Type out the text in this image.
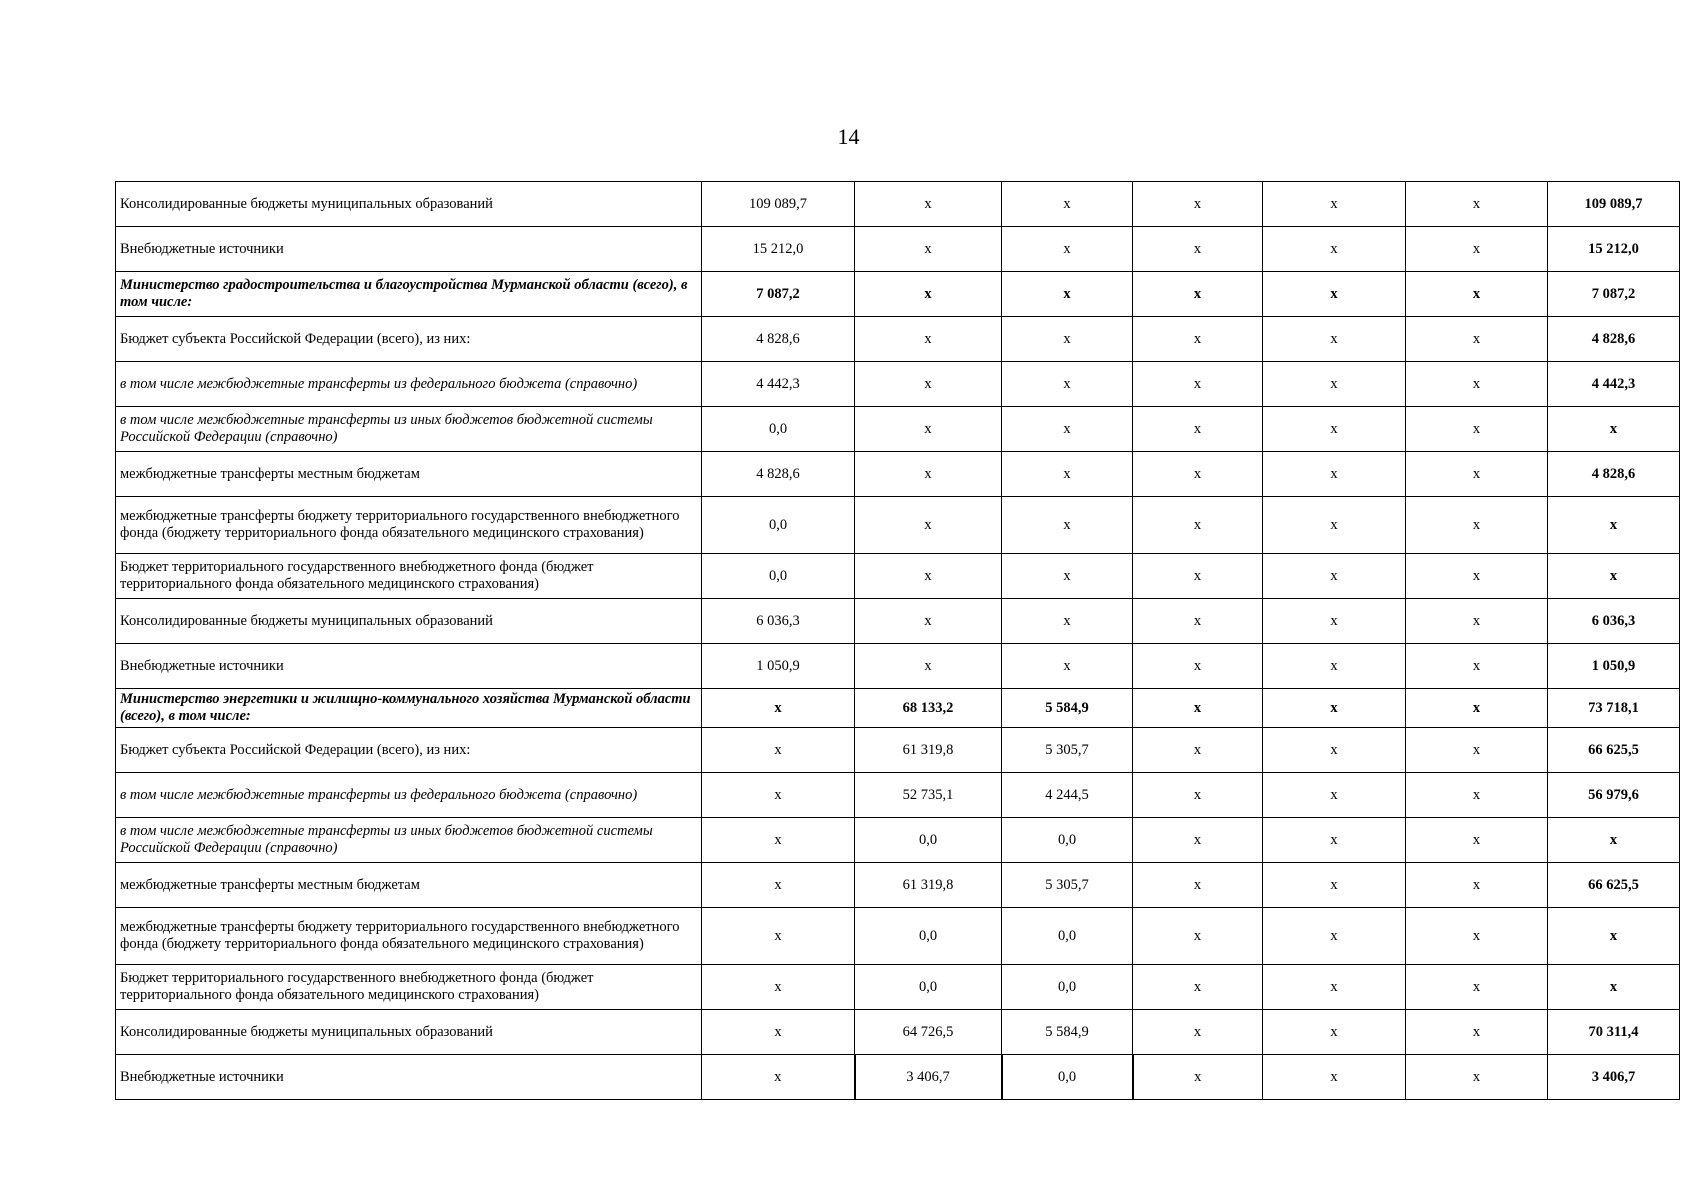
14
Консолидированные бюджеты муниципальных образований	109 089,7	х	х	х	х	х	109 089,7
Внебюджетные источники	15 212,0	х	х	х	х	х	15 212,0
Министерство градостроительства и благоустройства Мурманской области (всего), в том числе:	7 087,2	х	х	х	х	х	7 087,2
Бюджет субъекта Российской Федерации (всего), из них:	4 828,6	х	х	х	х	х	4 828,6
в том числе межбюджетные трансферты из федерального бюджета (справочно)	4 442,3	х	х	х	х	х	4 442,3
в том числе межбюджетные трансферты из иных бюджетов бюджетной системы Российской Федерации (справочно)	0,0	х	х	х	х	х	х
межбюджетные трансферты местным бюджетам	4 828,6	х	х	х	х	х	4 828,6
межбюджетные трансферты бюджету территориального государственного внебюджетного фонда (бюджету территориального фонда обязательного медицинского страхования)	0,0	х	х	х	х	х	х
Бюджет территориального государственного внебюджетного фонда (бюджет территориального фонда обязательного медицинского страхования)	0,0	х	х	х	х	х	х
Консолидированные бюджеты муниципальных образований	6 036,3	х	х	х	х	х	6 036,3
Внебюджетные источники	1 050,9	х	х	х	х	х	1 050,9
Министерство энергетики и жилищно-коммунального хозяйства Мурманской области (всего), в том числе:	х	68 133,2	5 584,9	х	х	х	73 718,1
Бюджет субъекта Российской Федерации (всего), из них:	х	61 319,8	5 305,7	х	х	х	66 625,5
в том числе межбюджетные трансферты из федерального бюджета (справочно)	х	52 735,1	4 244,5	х	х	х	56 979,6
в том числе межбюджетные трансферты из иных бюджетов бюджетной системы Российской Федерации (справочно)	х	0,0	0,0	х	х	х	х
межбюджетные трансферты местным бюджетам	х	61 319,8	5 305,7	х	х	х	66 625,5
межбюджетные трансферты бюджету территориального государственного внебюджетного фонда (бюджету территориального фонда обязательного медицинского страхования)	х	0,0	0,0	х	х	х	х
Бюджет территориального государственного внебюджетного фонда (бюджет территориального фонда обязательного медицинского страхования)	х	0,0	0,0	х	х	х	х
Консолидированные бюджеты муниципальных образований	х	64 726,5	5 584,9	х	х	х	70 311,4
Внебюджетные источники	х	3 406,7	0,0	х	х	х	3 406,7
